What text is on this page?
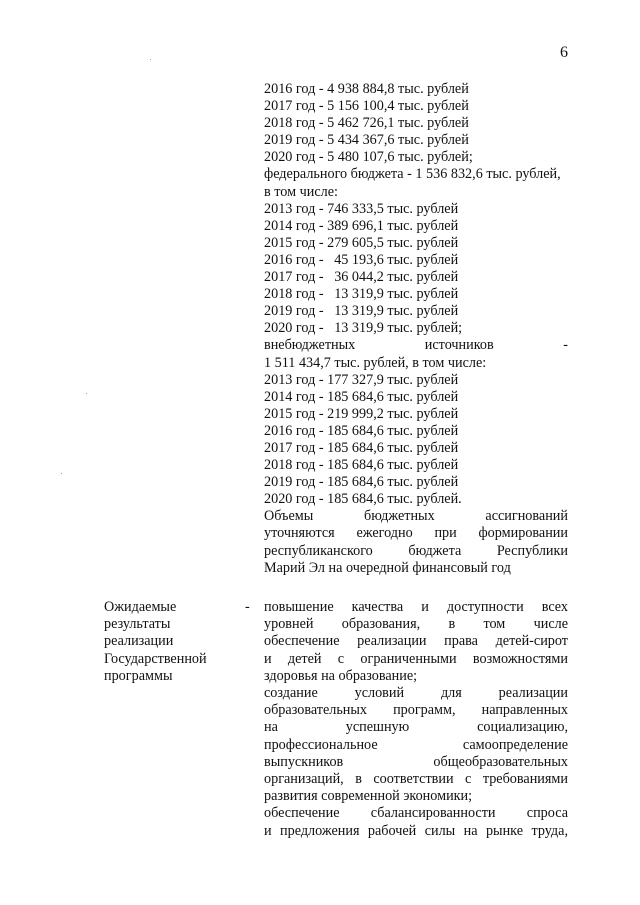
6
2016 год - 4 938 884,8 тыс. рублей
2017 год - 5 156 100,4 тыс. рублей
2018 год - 5 462 726,1 тыс. рублей
2019 год - 5 434 367,6 тыс. рублей
2020 год - 5 480 107,6 тыс. рублей;
федерального бюджета - 1 536 832,6 тыс. рублей,
в том числе:
2013 год - 746 333,5 тыс. рублей
2014 год - 389 696,1 тыс. рублей
2015 год - 279 605,5 тыс. рублей
2016 год -   45 193,6 тыс. рублей
2017 год -   36 044,2 тыс. рублей
2018 год -   13 319,9 тыс. рублей
2019 год -   13 319,9 тыс. рублей
2020 год -   13 319,9 тыс. рублей;
внебюджетных источников -
1 511 434,7 тыс. рублей, в том числе:
2013 год - 177 327,9 тыс. рублей
2014 год - 185 684,6 тыс. рублей
2015 год - 219 999,2 тыс. рублей
2016 год - 185 684,6 тыс. рублей
2017 год - 185 684,6 тыс. рублей
2018 год - 185 684,6 тыс. рублей
2019 год - 185 684,6 тыс. рублей
2020 год - 185 684,6 тыс. рублей.
Объемы бюджетных ассигнований
уточняются ежегодно при формировании
республиканского бюджета Республики
Марий Эл на очередной финансовый год
Ожидаемые
результаты
реализации
Государственной
программы
- повышение качества и доступности всех
уровней образования, в том числе
обеспечение реализации права детей-сирот
и детей с ограниченными возможностями
здоровья на образование;
создание условий для реализации
образовательных программ, направленных
на успешную социализацию,
профессиональное самоопределение
выпускников общеобразовательных
организаций, в соответствии с требованиями
развития современной экономики;
обеспечение сбалансированности спроса
и предложения рабочей силы на рынке труда,
